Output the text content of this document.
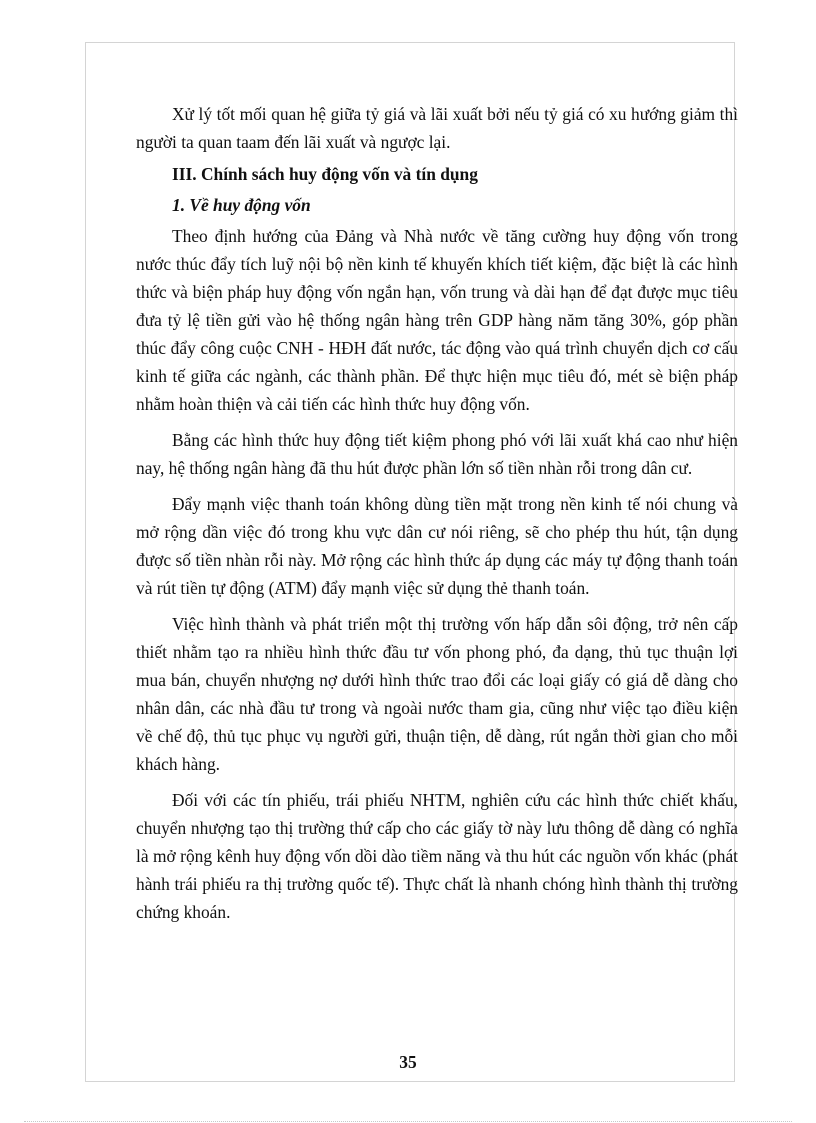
Xử lý tốt mối quan hệ giữa tỷ giá và lãi xuất bởi nếu tỷ giá có xu hướng giảm thì người ta quan taam đến lãi xuất và ngược lại.

III. Chính sách huy động vốn và tín dụng
1. Về huy động vốn

Theo định hướng của Đảng và Nhà nước về tăng cường huy động vốn trong nước thúc đẩy tích luỹ nội bộ nền kinh tế khuyến khích tiết kiệm, đặc biệt là các hình thức và biện pháp huy động vốn ngắn hạn, vốn trung và dài hạn để đạt được mục tiêu đưa tỷ lệ tiền gửi vào hệ thống ngân hàng trên GDP hàng năm tăng 30%, góp phần thúc đẩy công cuộc CNH - HĐH đất nước, tác động vào quá trình chuyển dịch cơ cấu kinh tế giữa các ngành, các thành phần. Để thực hiện mục tiêu đó, mét sè biện pháp nhằm hoàn thiện và cải tiến các hình thức huy động vốn.

Bằng các hình thức huy động tiết kiệm phong phó với lãi xuất khá cao như hiện nay, hệ thống ngân hàng đã thu hút được phần lớn số tiền nhàn rỗi trong dân cư.

Đẩy mạnh việc thanh toán không dùng tiền mặt trong nền kinh tế nói chung và mở rộng dần việc đó trong khu vực dân cư nói riêng, sẽ cho phép thu hút, tận dụng được số tiền nhàn rỗi này. Mở rộng các hình thức áp dụng các máy tự động thanh toán và rút tiền tự động (ATM) đẩy mạnh việc sử dụng thẻ thanh toán.

Việc hình thành và phát triển một thị trường vốn hấp dẫn sôi động, trở nên cấp thiết nhằm tạo ra nhiều hình thức đầu tư vốn phong phó, đa dạng, thủ tục thuận lợi mua bán, chuyển nhượng nợ dưới hình thức trao đổi các loại giấy có giá dễ dàng cho nhân dân, các nhà đầu tư trong và ngoài nước tham gia, cũng như việc tạo điều kiện về chế độ, thủ tục phục vụ người gửi, thuận tiện, dễ dàng, rút ngắn thời gian cho mỗi khách hàng.

Đối với các tín phiếu, trái phiếu NHTM, nghiên cứu các hình thức chiết khấu, chuyển nhượng tạo thị trường thứ cấp cho các giấy tờ này lưu thông dễ dàng có nghĩa là mở rộng kênh huy động vốn dồi dào tiềm năng và thu hút các nguồn vốn khác (phát hành trái phiếu ra thị trường quốc tế). Thực chất là nhanh chóng hình thành thị trường chứng khoán.

35
